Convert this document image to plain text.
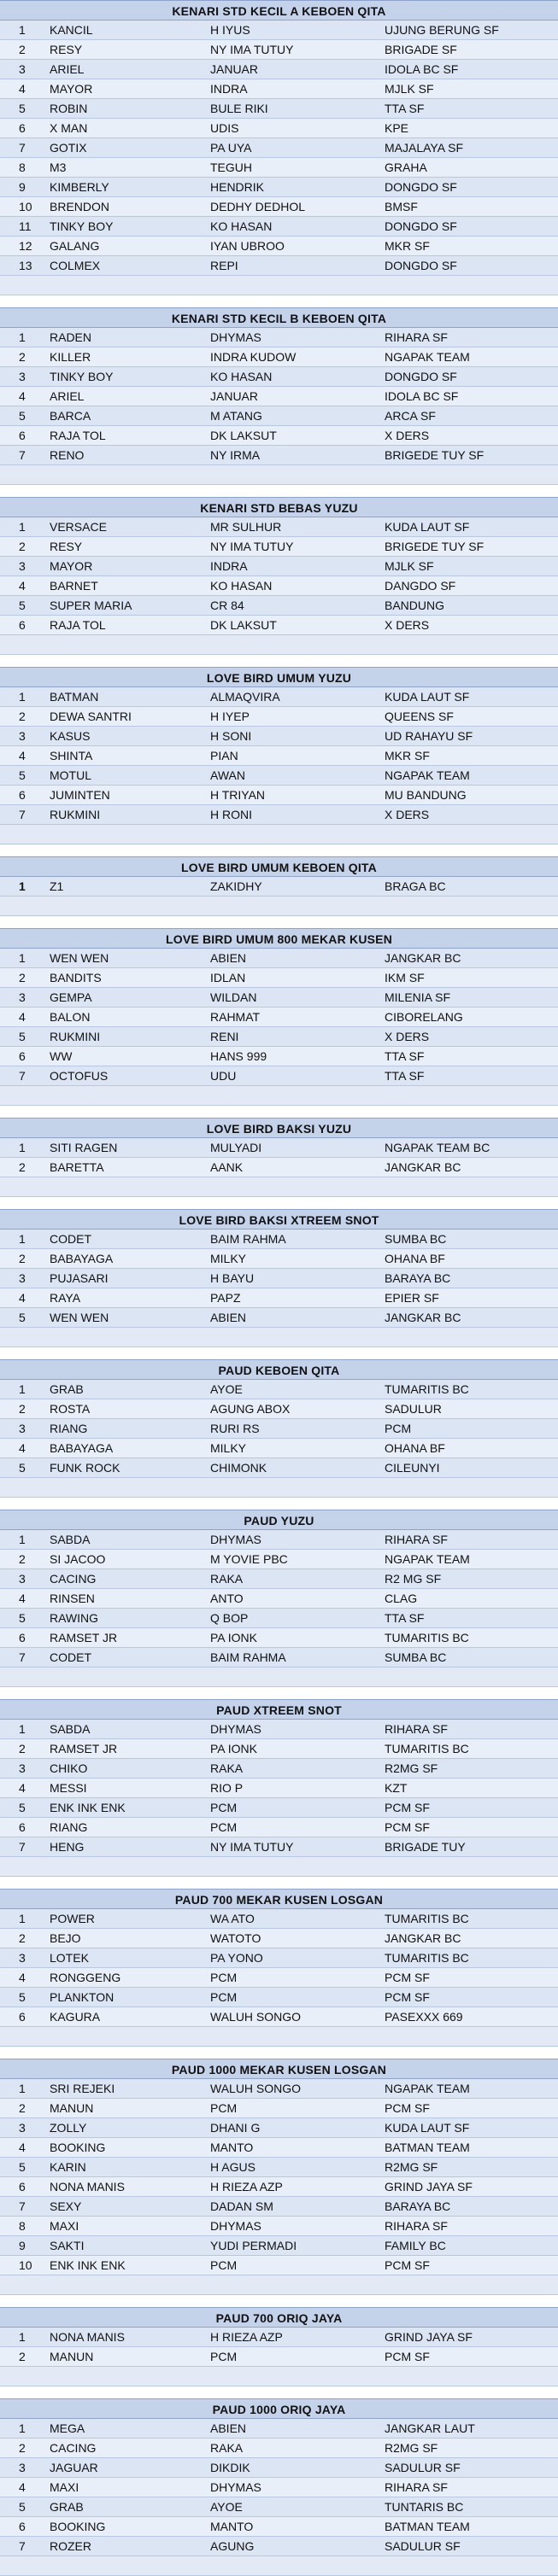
KENARI STD KECIL A KEBOEN QITA
1	KANCIL	H IYUS	UJUNG BERUNG SF
2	RESY	NY IMA TUTUY	BRIGADE SF
3	ARIEL	JANUAR	IDOLA BC SF
4	MAYOR	INDRA	MJLK SF
5	ROBIN	BULE RIKI	TTA SF
6	X MAN	UDIS	KPE
7	GOTIX	PA UYA	MAJALAYA SF
8	M3	TEGUH	GRAHA
9	KIMBERLY	HENDRIK	DONGDO SF
10	BRENDON	DEDHY DEDHOL	BMSF
11	TINKY BOY	KO HASAN	DONGDO SF
12	GALANG	IYAN UBROO	MKR SF
13	COLMEX	REPI	DONGDO SF
KENARI STD KECIL B KEBOEN QITA
1	RADEN	DHYMAS	RIHARA SF
2	KILLER	INDRA KUDOW	NGAPAK TEAM
3	TINKY BOY	KO HASAN	DONGDO SF
4	ARIEL	JANUAR	IDOLA BC SF
5	BARCA	M ATANG	ARCA SF
6	RAJA TOL	DK LAKSUT	X DERS
7	RENO	NY IRMA	BRIGEDE TUY SF
KENARI STD BEBAS YUZU
1	VERSACE	MR SULHUR	KUDA LAUT SF
2	RESY	NY IMA TUTUY	BRIGEDE TUY SF
3	MAYOR	INDRA	MJLK SF
4	BARNET	KO HASAN	DANGDO SF
5	SUPER MARIA	CR 84	BANDUNG
6	RAJA TOL	DK LAKSUT	X DERS
LOVE BIRD UMUM YUZU
1	BATMAN	ALMAQVIRA	KUDA LAUT SF
2	DEWA SANTRI	H IYEP	QUEENS SF
3	KASUS	H SONI	UD RAHAYU SF
4	SHINTA	PIAN	MKR SF
5	MOTUL	AWAN	NGAPAK TEAM
6	JUMINTEN	H TRIYAN	MU BANDUNG
7	RUKMINI	H RONI	X DERS
LOVE BIRD UMUM KEBOEN QITA
1	Z1	ZAKIDHY	BRAGA BC
LOVE BIRD UMUM 800 MEKAR KUSEN
1	WEN WEN	ABIEN	JANGKAR BC
2	BANDITS	IDLAN	IKM SF
3	GEMPA	WILDAN	MILENIA SF
4	BALON	RAHMAT	CIBORELANG
5	RUKMINI	RENI	X DERS
6	WW	HANS 999	TTA SF
7	OCTOFUS	UDU	TTA SF
LOVE BIRD BAKSI YUZU
1	SITI RAGEN	MULYADI	NGAPAK TEAM BC
2	BARETTA	AANK	JANGKAR BC
LOVE BIRD BAKSI XTREEM SNOT
1	CODET	BAIM RAHMA	SUMBA BC
2	BABAYAGA	MILKY	OHANA BF
3	PUJASARI	H BAYU	BARAYA BC
4	RAYA	PAPZ	EPIER SF
5	WEN WEN	ABIEN	JANGKAR BC
PAUD KEBOEN QITA
1	GRAB	AYOE	TUMARITIS BC
2	ROSTA	AGUNG ABOX	SADULUR
3	RIANG	RURI RS	PCM
4	BABAYAGA	MILKY	OHANA BF
5	FUNK ROCK	CHIMONK	CILEUNYI
PAUD YUZU
1	SABDA	DHYMAS	RIHARA SF
2	SI JACOO	M YOVIE PBC	NGAPAK TEAM
3	CACING	RAKA	R2 MG SF
4	RINSEN	ANTO	CLAG
5	RAWING	Q BOP	TTA SF
6	RAMSET JR	PA IONK	TUMARITIS BC
7	CODET	BAIM RAHMA	SUMBA BC
PAUD XTREEM SNOT
1	SABDA	DHYMAS	RIHARA SF
2	RAMSET JR	PA IONK	TUMARITIS BC
3	CHIKO	RAKA	R2MG SF
4	MESSI	RIO P	KZT
5	ENK INK ENK	PCM	PCM SF
6	RIANG	PCM	PCM SF
7	HENG	NY IMA TUTUY	BRIGADE TUY
PAUD 700 MEKAR KUSEN LOSGAN
1	POWER	WA ATO	TUMARITIS BC
2	BEJO	WATOTO	JANGKAR BC
3	LOTEK	PA YONO	TUMARITIS BC
4	RONGGENG	PCM	PCM SF
5	PLANKTON	PCM	PCM SF
6	KAGURA	WALUH SONGO	PASEXXX 669
PAUD 1000 MEKAR KUSEN LOSGAN
1	SRI REJEKI	WALUH SONGO	NGAPAK TEAM
2	MANUN	PCM	PCM SF
3	ZOLLY	DHANI G	KUDA LAUT SF
4	BOOKING	MANTO	BATMAN TEAM
5	KARIN	H AGUS	R2MG SF
6	NONA MANIS	H RIEZA AZP	GRIND JAYA SF
7	SEXY	DADAN SM	BARAYA BC
8	MAXI	DHYMAS	RIHARA SF
9	SAKTI	YUDI PERMADI	FAMILY BC
10	ENK INK ENK	PCM	PCM SF
PAUD 700 ORIQ JAYA
1	NONA MANIS	H RIEZA AZP	GRIND JAYA SF
2	MANUN	PCM	PCM SF
PAUD 1000 ORIQ JAYA
1	MEGA	ABIEN	JANGKAR LAUT
2	CACING	RAKA	R2MG SF
3	JAGUAR	DIKDIK	SADULUR SF
4	MAXI	DHYMAS	RIHARA SF
5	GRAB	AYOE	TUNTARIS BC
6	BOOKING	MANTO	BATMAN TEAM
7	ROZER	AGUNG	SADULUR SF
